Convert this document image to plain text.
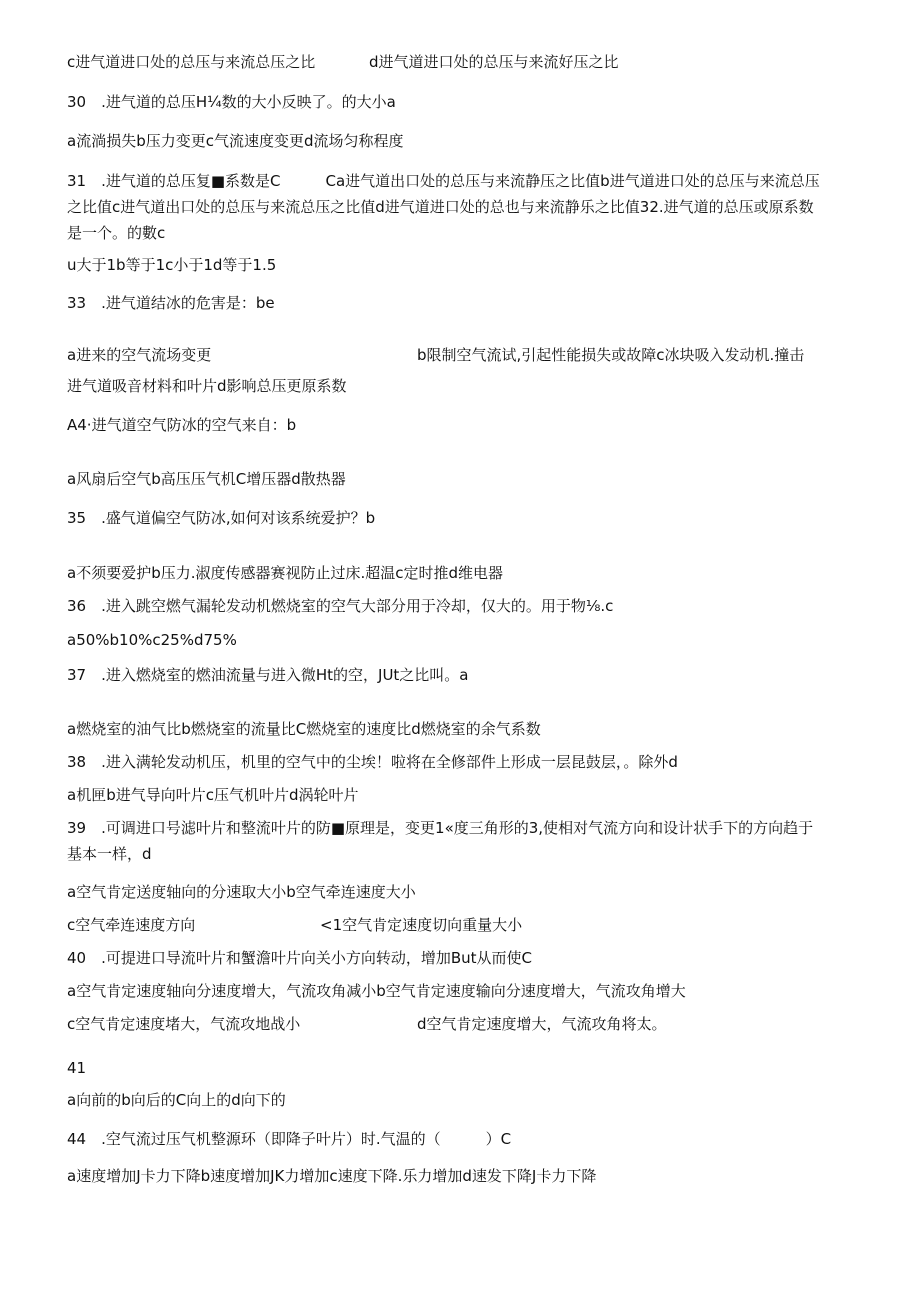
c进气道进口处的总压与来流总压之比	d进气道进口处的总压与来流好压之比
30　.进气道的总压H¼数的大小反映了。的大小a
a流淌损失b压力变更c气流速度变更d流场匀称程度
31　.进气道的总压复■系数是C　　　Ca进气道出口处的总压与来流静压之比值b进气道进口处的总压与来流总压之比值c进气道出口处的总压与来流总压之比值d进气道进口处的总也与来流静乐之比值32.进气道的总压或原系数是一个。的數c
u大于1b等于1c小于1d等于1.5
33　.进气道结冰的危害是：be
a进来的空气流场变更	b限制空气流试,引起性能损失或故障c冰块吸入发动机.撞击
进气道吸音材料和叶片d影响总压更原系数
A4·进气道空气防冰的空气来自：b
a风扇后空气b高压压气机C增压器d散热器
35　.盛气道偏空气防冰,如何对该系统爱护？b
a不须要爱护b压力.淑度传感器赛视防止过床.超温c定时推d维电器
36　.进入跳空燃气漏轮发动机燃烧室的空气大部分用于冷却，仅大的。用于物⅛.c
a50%b10%c25%d75%
37　.进入燃烧室的燃油流量与进入微Ht的空，JUt之比叫。a
a燃烧室的油气比b燃烧室的流量比C燃烧室的速度比d燃烧室的余气系数
38　.进入满轮发动机压，机里的空气中的尘埃！啦将在全修部件上形成一层昆鼓层，。除外d
a机匣b进气导向叶片c压气机叶片d涡轮叶片
39　.可调进口号滤叶片和整流叶片的防■原理是，变更1«度三角形的3,使相对气流方向和设计状手下的方向趋于基本一样，d
a空气肯定送度轴向的分速取大小b空气牵连速度大小
c空气牵连速度方向	<1空气肯定速度切向重量大小
40　.可提进口导流叶片和蟹澹叶片向关小方向转动，增加But从而使C
a空气肯定速度轴向分速度增大，气流攻角减小b空气肯定速度输向分速度增大，气流攻角增大
c空气肯定速度堵大，气流攻地战小	d空气肯定速度增大，气流攻角将太。
41
a向前的b向后的C向上的d向下的
44　.空气流过压气机整源环（即降子叶片）时.气温的（　　　）C
a速度增加J卡力下降b速度增加JK力增加c速度下降.乐力增加d速发下降J卡力下降
